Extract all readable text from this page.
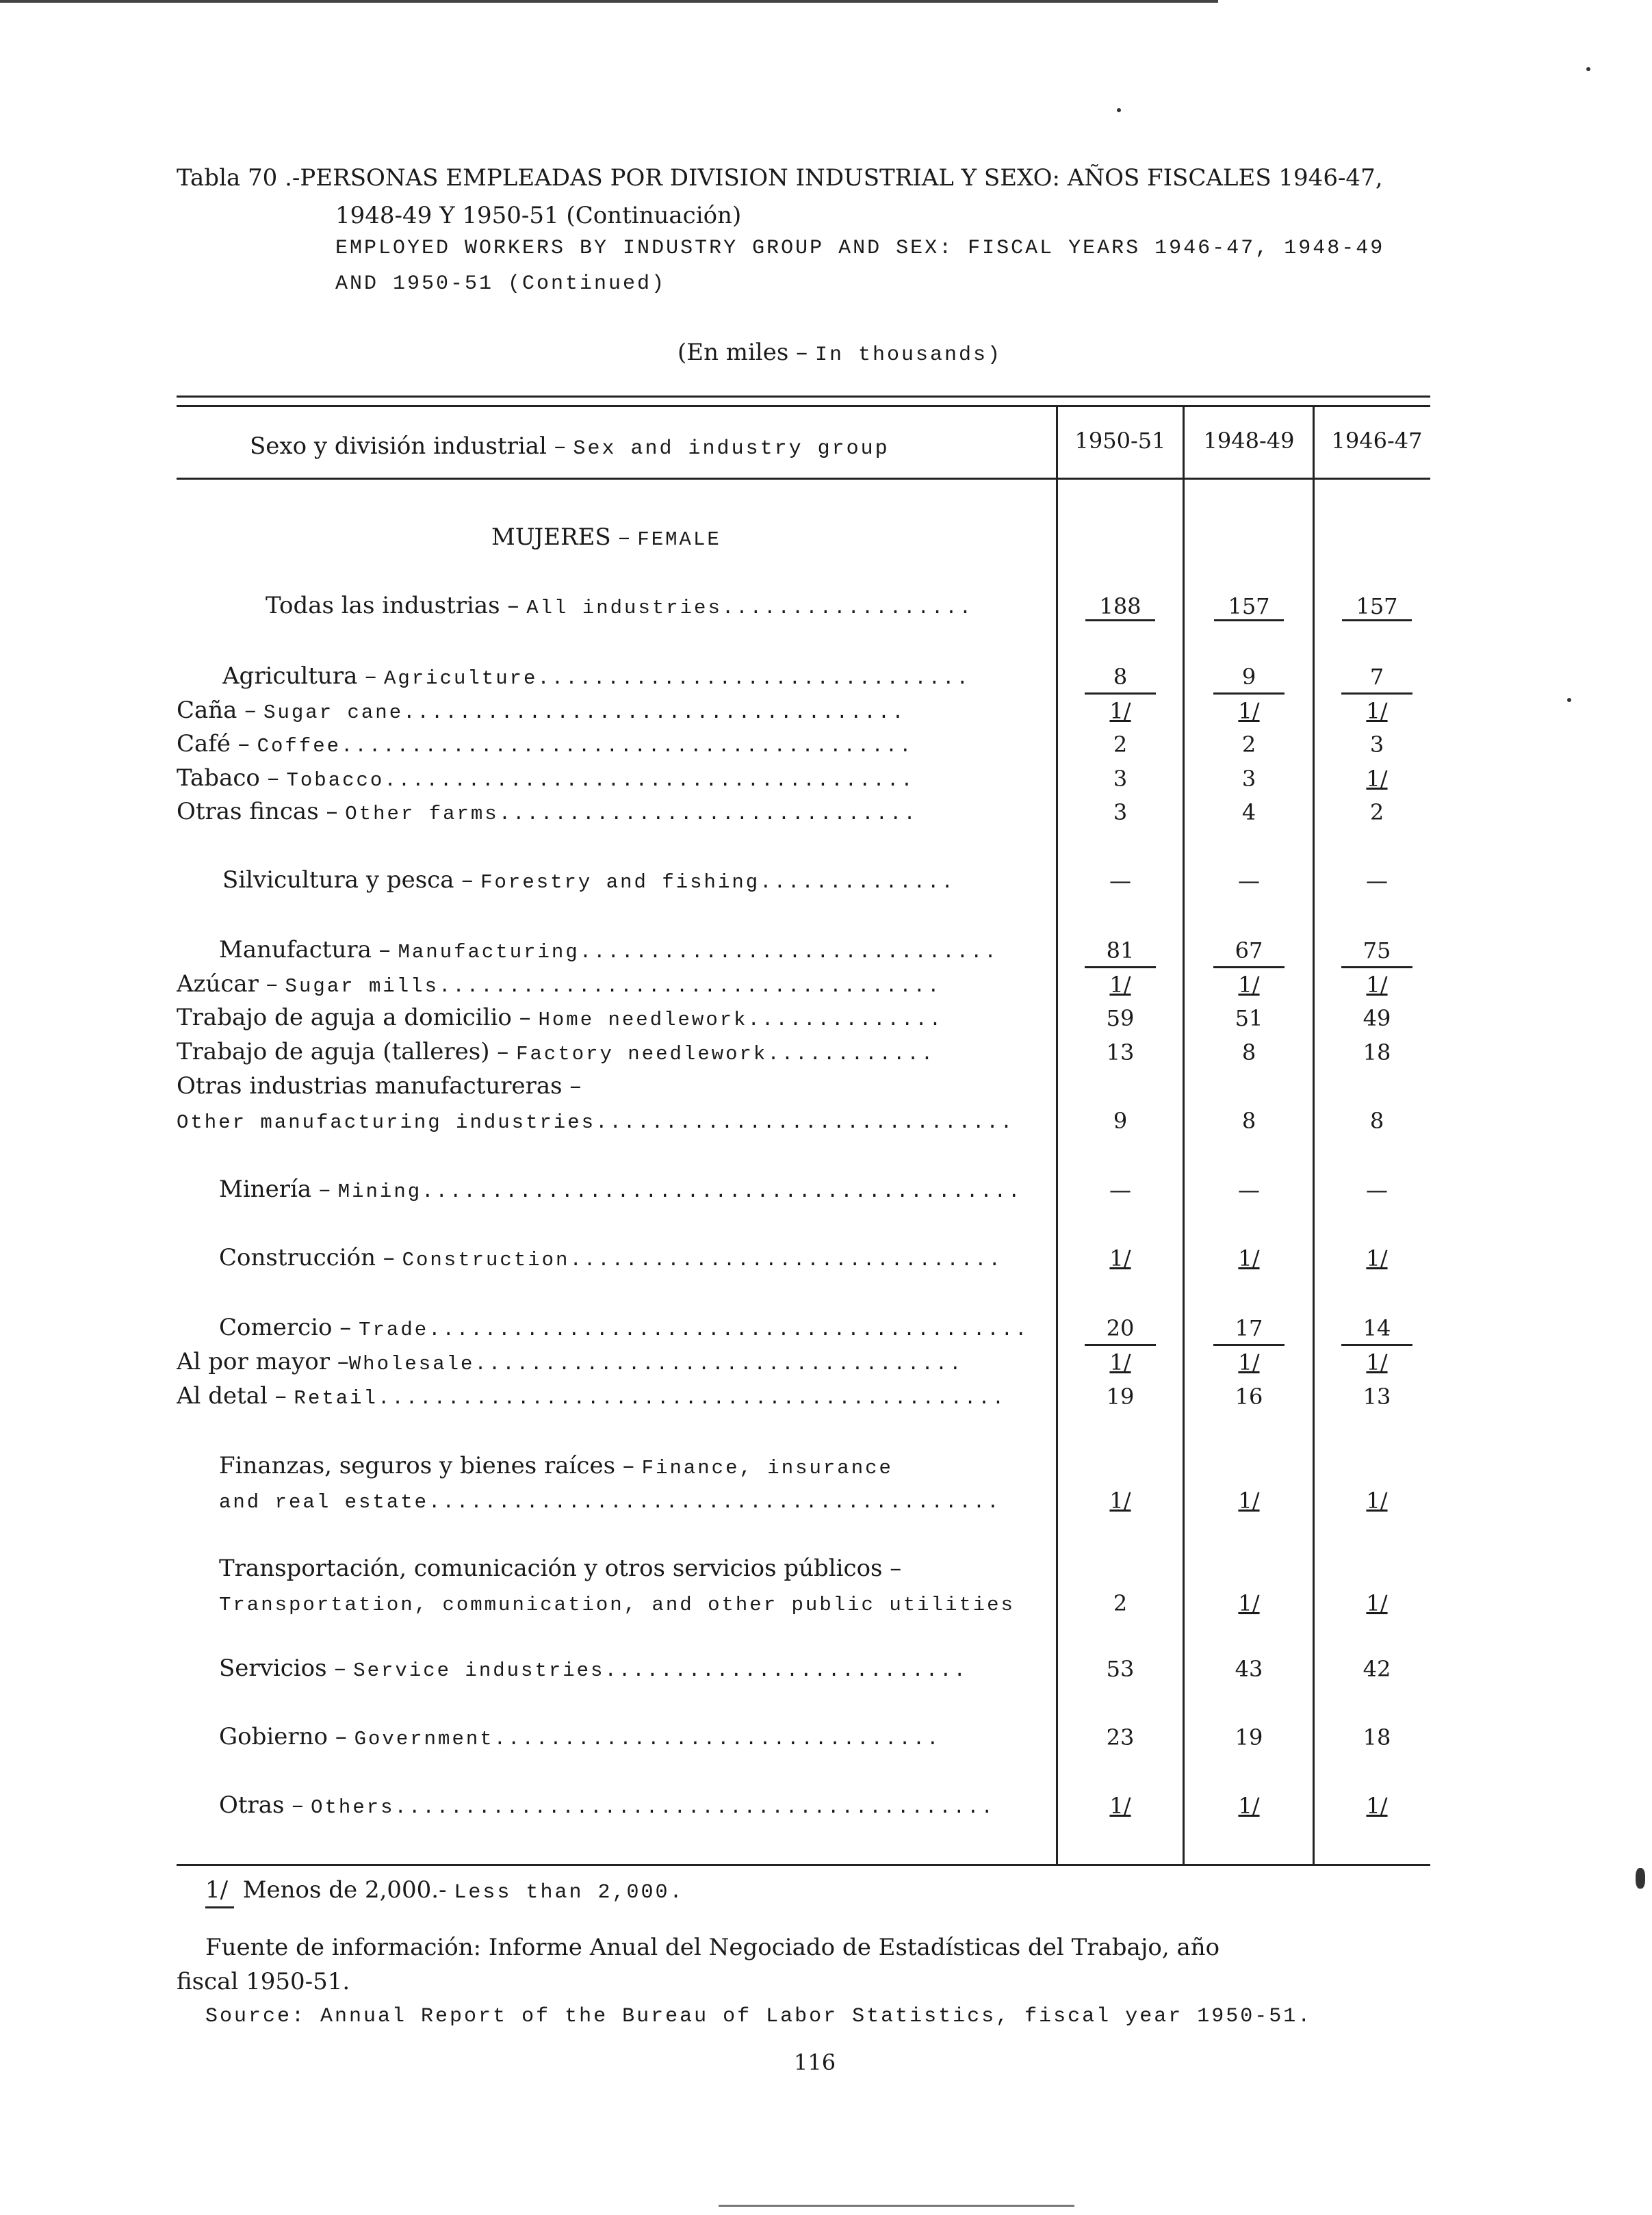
Tabla 70 .-PERSONAS EMPLEADAS POR DIVISION INDUSTRIAL Y SEXO: AÑOS FISCALES 1946-47,
1948-49 Y 1950-51 (Continuación)
EMPLOYED WORKERS BY INDUSTRY GROUP AND SEX: FISCAL YEARS 1946-47, 1948-49
AND 1950-51 (Continued)
(En miles – In thousands)
Sexo y división industrial – Sex and industry group	1950-51	1948-49	1946-47
MUJERES – FEMALE
Todas las industrias – All industries..................	188	157	157
Agricultura – Agriculture...............................	8	9	7
Caña – Sugar cane....................................	1/	1/	1/
Café – Coffee.........................................	2	2	3
Tabaco – Tobacco......................................	3	3	1/
Otras fincas – Other farms..............................	3	4	2
Silvicultura y pesca – Forestry and fishing..............	—	—	—
Manufactura – Manufacturing..............................	81	67	75
Azúcar – Sugar mills....................................	1/	1/	1/
Trabajo de aguja a domicilio – Home needlework..............	59	51	49
Trabajo de aguja (talleres) – Factory needlework............	13	8	18
Otras industrias manufactureras –
Other manufacturing industries..............................	9	8	8
Minería – Mining...........................................	—	—	—
Construcción – Construction...............................	1/	1/	1/
Comercio – Trade...........................................	20	17	14
Al por mayor –Wholesale...................................	1/	1/	1/
Al detal – Retail.............................................	19	16	13
Finanzas, seguros y bienes raíces – Finance, insurance
and real estate.........................................	1/	1/	1/
Transportación, comunicación y otros servicios públicos –
Transportation, communication, and other public utilities	2	1/	1/
Servicios – Service industries..........................	53	43	42
Gobierno – Government................................	23	19	18
Otras – Others...........................................	1/	1/	1/
1/ Menos de 2,000.- Less than 2,000.
Fuente de información: Informe Anual del Negociado de Estadísticas del Trabajo, año
fiscal 1950-51.
Source: Annual Report of the Bureau of Labor Statistics, fiscal year 1950-51.
116
